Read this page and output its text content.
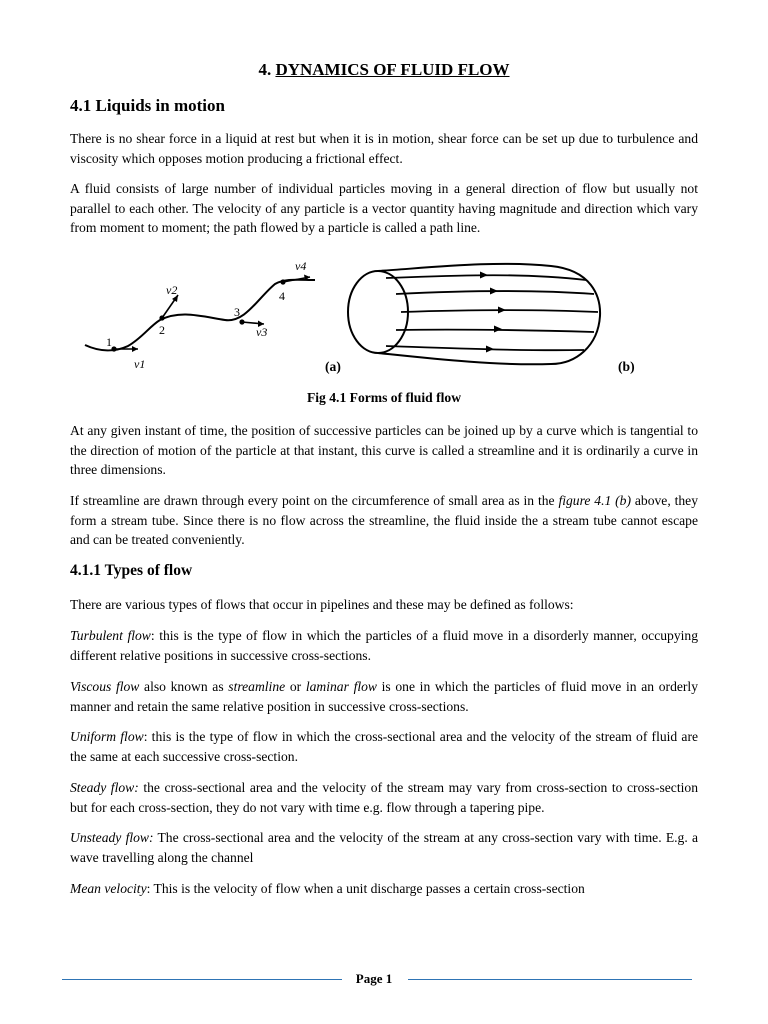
4. DYNAMICS OF FLUID FLOW
4.1 Liquids in motion

There is no shear force in a liquid at rest but when it is in motion, shear force can be set up due to turbulence and viscosity which opposes motion producing a frictional effect.

A fluid consists of large number of individual particles moving in a general direction of flow but usually not parallel to each other. The velocity of any particle is a vector quantity having magnitude and direction which vary from moment to moment; the path flowed by a particle is called a path line.

1
2
3
4
v1
v2
v3
v4
(a)	(b)
Fig 4.1 Forms of fluid flow

At any given instant of time, the position of successive particles can be joined up by a curve which is tangential to the direction of motion of the particle at that instant, this curve is called a streamline and it is ordinarily a curve in three dimensions.

If streamline are drawn through every point on the circumference of small area as in the figure 4.1 (b) above, they form a stream tube. Since there is no flow across the streamline, the fluid inside the a stream tube cannot escape and can be treated conveniently.

4.1.1 Types of flow

There are various types of flows that occur in pipelines and these may be defined as follows:

Turbulent flow: this is the type of flow in which the particles of a fluid move in a disorderly manner, occupying different relative positions in successive cross-sections.

Viscous flow also known as streamline or laminar flow is one in which the particles of fluid move in an orderly manner and retain the same relative position in successive cross-sections.

Uniform flow: this is the type of flow in which the cross-sectional area and the velocity of the stream of fluid are the same at each successive cross-section.

Steady flow: the cross-sectional area and the velocity of the stream may vary from cross-section to cross-section but for each cross-section, they do not vary with time e.g. flow through a tapering pipe.

Unsteady flow: The cross-sectional area and the velocity of the stream at any cross-section vary with time. E.g. a wave travelling along the channel

Mean velocity: This is the velocity of flow when a unit discharge passes a certain cross-section

Page 1
